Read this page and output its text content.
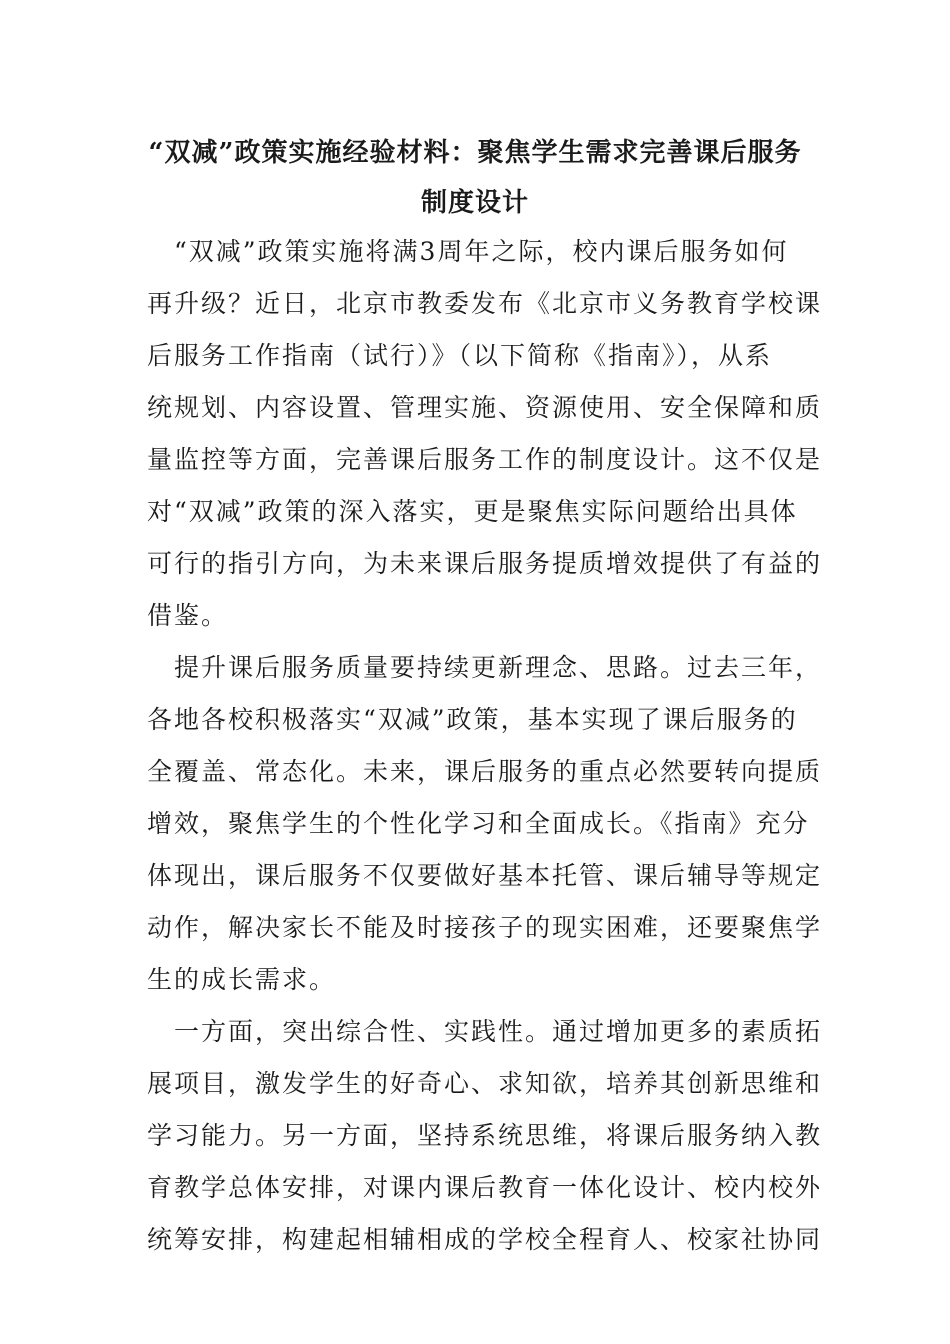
“双减”政策实施经验材料：聚焦学生需求完善课后服务
制度设计
　“双减”政策实施将满3周年之际，校内课后服务如何
再升级？近日，北京市教委发布《北京市义务教育学校课
后服务工作指南（试行）》（以下简称《指南》），从系
统规划、内容设置、管理实施、资源使用、安全保障和质
量监控等方面，完善课后服务工作的制度设计。这不仅是
对“双减”政策的深入落实，更是聚焦实际问题给出具体
可行的指引方向，为未来课后服务提质增效提供了有益的
借鉴。
　提升课后服务质量要持续更新理念、思路。过去三年，
各地各校积极落实“双减”政策，基本实现了课后服务的
全覆盖、常态化。未来，课后服务的重点必然要转向提质
增效，聚焦学生的个性化学习和全面成长。《指南》充分
体现出，课后服务不仅要做好基本托管、课后辅导等规定
动作，解决家长不能及时接孩子的现实困难，还要聚焦学
生的成长需求。
　一方面，突出综合性、实践性。通过增加更多的素质拓
展项目，激发学生的好奇心、求知欲，培养其创新思维和
学习能力。另一方面，坚持系统思维，将课后服务纳入教
育教学总体安排，对课内课后教育一体化设计、校内校外
统筹安排，构建起相辅相成的学校全程育人、校家社协同
